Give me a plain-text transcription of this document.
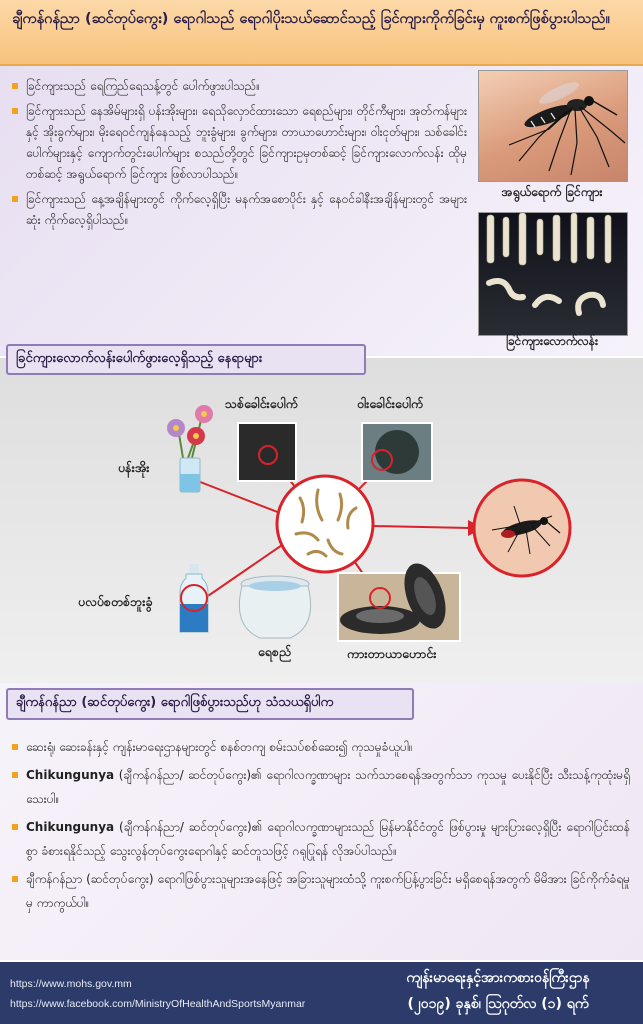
ချီကန်ဂန်ညာ (ဆင်တုပ်ကွေး) ရောဂါသည် ရောဂါပိုးသယ်ဆောင်သည့် ခြင်ကျားကိုက်ခြင်းမှ ကူးစက်ဖြစ်ပွားပါသည်။

ခြင်ကျားသည် ရေကြည်ရေသန့်တွင် ပေါက်ဖွားပါသည်။
ခြင်ကျားသည် နေအိမ်များရှိ ပန်းအိုးများ၊ ရေသိုလှောင်ထားသော ရေစည်များ၊ တိုင်ကီများ၊ အုတ်ကန်များနှင့် အိုးခွက်များ၊ မိုးရေဝင်ကျန်နေသည့် ဘူးခွံများ၊ ခွက်များ၊ တာယာဟောင်းများ၊ ဝါးငုတ်များ၊ သစ်ခေါင်းပေါက်များနှင့် ကျောက်တွင်းပေါက်များ စသည်တို့တွင် ခြင်ကျားဥမှတစ်ဆင့် ခြင်ကျားလောက်လန်း ထိုမှတစ်ဆင့် အရွယ်ရောက် ခြင်ကျား ဖြစ်လာပါသည်။
ခြင်ကျားသည် နေ့အချိန်များတွင် ကိုက်လေ့ရှိပြီး မနက်အစောပိုင်း နှင့် နေဝင်ခါနီးအချိန်များတွင် အများဆုံး ကိုက်လေ့ရှိပါသည်။
အရွယ်ရောက် ခြင်ကျား
ခြင်ကျားလောက်လန်း
ခြင်ကျားလောက်လန်းပေါက်ဖွားလေ့ရှိသည့် နေရာများ
သစ်ခေါင်းပေါက်	ဝါးခေါင်းပေါက်
ပန်းအိုး
ပလပ်စတစ်ဘူးခွံ
ရေစည်	ကားတာယာဟောင်း
ချီကန်ဂန်ညာ (ဆင်တုပ်ကွေး) ရောဂါဖြစ်ပွားသည်ဟု သံသယရှိပါက
ဆေးရုံ၊ ဆေးခန်းနှင့် ကျန်းမာရေးဌာနများတွင် စနစ်တကျ စမ်းသပ်စစ်ဆေး၍ ကုသမှုခံယူပါ။
Chikungunya (ချီကန်ဂန်ညာ/ ဆင်တုပ်ကွေး)၏ ရောဂါလက္ခဏာများ သက်သာစေရန်အတွက်သာ ကုသမှု ပေးနိုင်ပြီး သီးသန့်ကုထုံးမရှိသေးပါ။
Chikungunya (ချီကန်ဂန်ညာ/ ဆင်တုပ်ကွေး)၏ ရောဂါလက္ခဏာများသည် မြန်မာနိုင်ငံတွင် ဖြစ်ပွားမှု များပြားလေ့ရှိပြီး ရောဂါပြင်းထန်စွာ ခံစားရနိုင်သည့် သွေးလွန်တုပ်ကွေးရောဂါနှင့် ဆင်တူသဖြင့် ဂရုပြုရန် လိုအပ်ပါသည်။
ချီကန်ဂန်ညာ (ဆင်တုပ်ကွေး) ရောဂါဖြစ်ပွားသူများအနေဖြင့် အခြားသူများထံသို့ ကူးစက်ပြန့်ပွားခြင်း မရှိစေရန်အတွက် မိမိအား ခြင်ကိုက်ခံရမှုမှ ကာကွယ်ပါ။
https://www.mohs.gov.mm
https://www.facebook.com/MinistryOfHealthAndSportsMyanmar
ကျန်းမာရေးနှင့်အားကစားဝန်ကြီးဌာန
(၂၀၁၉) ခုနှစ်၊ ဩဂုတ်လ (၁) ရက်
